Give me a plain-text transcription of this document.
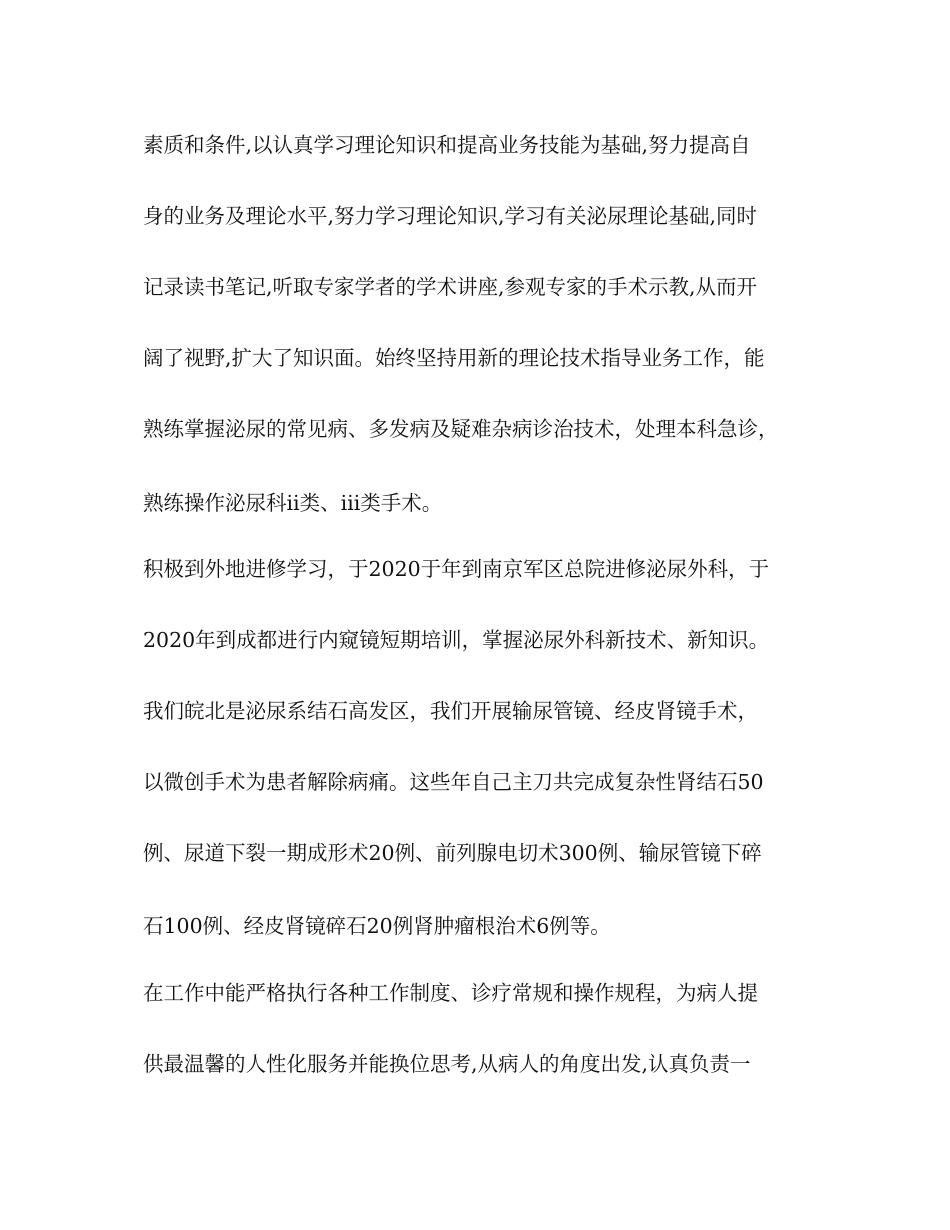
素质和条件,以认真学习理论知识和提高业务技能为基础,努力提高自
身的业务及理论水平,努力学习理论知识,学习有关泌尿理论基础,同时
记录读书笔记,听取专家学者的学术讲座,参观专家的手术示教,从而开
阔了视野,扩大了知识面。始终坚持用新的理论技术指导业务工作，能
熟练掌握泌尿的常见病、多发病及疑难杂病诊治技术，处理本科急诊，
熟练操作泌尿科ⅱ类、ⅲ类手术。
积极到外地进修学习，于2020于年到南京军区总院进修泌尿外科，于
2020年到成都进行内窥镜短期培训，掌握泌尿外科新技术、新知识。
我们皖北是泌尿系结石高发区，我们开展输尿管镜、经皮肾镜手术，
以微创手术为患者解除病痛。这些年自己主刀共完成复杂性肾结石50
例、尿道下裂一期成形术20例、前列腺电切术300例、输尿管镜下碎
石100例、经皮肾镜碎石20例肾肿瘤根治术6例等。
在工作中能严格执行各种工作制度、诊疗常规和操作规程，为病人提
供最温馨的人性化服务并能换位思考,从病人的角度出发,认真负责一
